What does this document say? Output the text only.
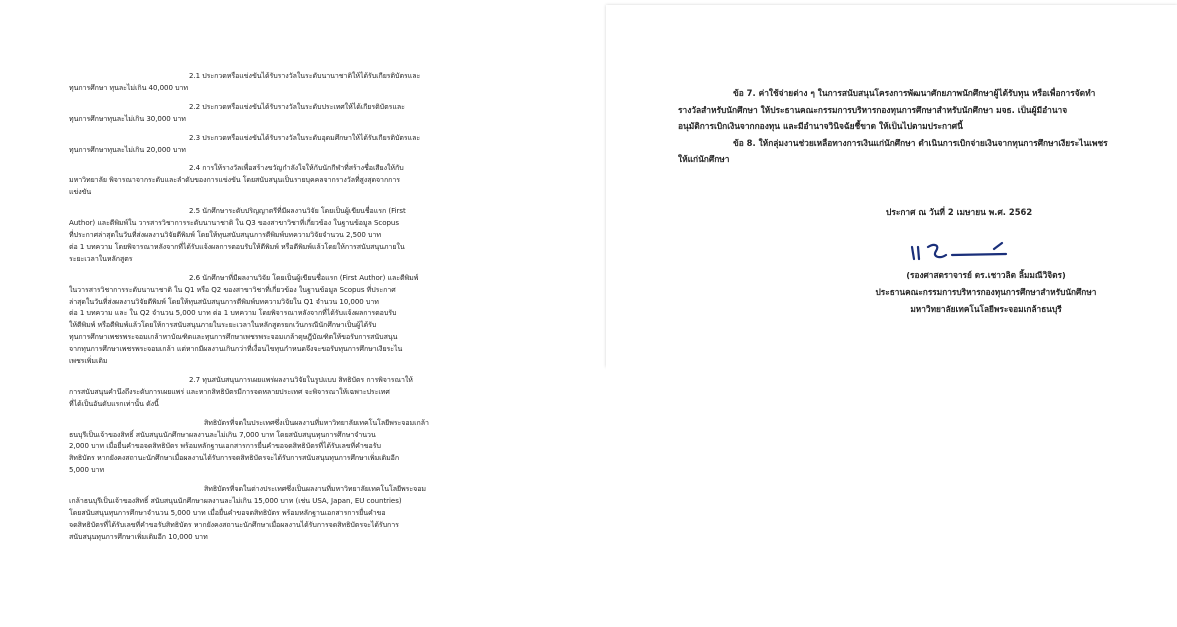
2.1 ประกวดหรือแข่งขันได้รับรางวัลในระดับนานาชาติให้ได้รับเกียรติบัตรและ

ทุนการศึกษา ทุนละไม่เกิน 40,000 บาท

2.2 ประกวดหรือแข่งขันได้รับรางวัลในระดับประเทศให้ได้เกียรติบัตรและ

ทุนการศึกษาทุนละไม่เกิน 30,000 บาท

2.3 ประกวดหรือแข่งขันได้รับรางวัลในระดับอุดมศึกษาให้ได้รับเกียรติบัตรและ

ทุนการศึกษาทุนละไม่เกิน 20,000 บาท

2.4 การให้รางวัลเพื่อสร้างขวัญกำลังใจให้กับนักกีฬาที่สร้างชื่อเสียงให้กับ

มหาวิทยาลัย พิจารณาจากระดับและลำดับของการแข่งขัน โดยสนับสนุนเป็นรายบุคคลจากรางวัลที่สูงสุดจากการ

แข่งขัน

2.5 นักศึกษาระดับปริญญาตรีที่มีผลงานวิจัย โดยเป็นผู้เขียนชื่อแรก (First

Author) และตีพิมพ์ใน วารสารวิชาการระดับนานาชาติ ใน Q3 ของสาขาวิชาที่เกี่ยวข้อง ในฐานข้อมูล Scopus

ที่ประกาศล่าสุดในวันที่ส่งผลงานวิจัยตีพิมพ์ โดยให้ทุนสนับสนุนการตีพิมพ์บทความวิจัยจำนวน 2,500 บาท

ต่อ 1 บทความ โดยพิจารณาหลังจากที่ได้รับแจ้งผลการตอบรับให้ตีพิมพ์ หรือตีพิมพ์แล้วโดยให้การสนับสนุนภายใน

ระยะเวลาในหลักสูตร

2.6 นักศึกษาที่มีผลงานวิจัย โดยเป็นผู้เขียนชื่อแรก (First Author) และตีพิมพ์

ในวารสารวิชาการระดับนานาชาติ ใน Q1 หรือ Q2 ของสาขาวิชาที่เกี่ยวข้อง ในฐานข้อมูล Scopus ที่ประกาศ

ล่าสุดในวันที่ส่งผลงานวิจัยตีพิมพ์ โดยให้ทุนสนับสนุนการตีพิมพ์บทความวิจัยใน Q1 จำนวน 10,000 บาท

ต่อ 1 บทความ และ ใน Q2 จำนวน 5,000 บาท ต่อ 1 บทความ โดยพิจารณาหลังจากที่ได้รับแจ้งผลการตอบรับ

ให้ตีพิมพ์ หรือตีพิมพ์แล้วโดยให้การสนับสนุนภายในระยะเวลาในหลักสูตรยกเว้นกรณีนักศึกษาเป็นผู้ได้รับ

ทุนการศึกษาเพชรพระจอมเกล้าหาบัณฑิตและทุนการศึกษาเพชรพระจอมเกล้าดุษฎีบัณฑิตให้ขอรับการสนับสนุน

จากทุนการศึกษาเพชรพระจอมเกล้า แต่หากมีผลงานเกินกว่าที่เงื่อนไขทุนกำหนดจึงจะขอรับทุนการศึกษาเงียระไน

เพชรเพิ่มเติม

2.7 ทุนสนับสนุนการเผยแพร่ผลงานวิจัยในรูปแบบ สิทธิบัตร การพิจารณาให้

การสนับสนุนคำนึงถึงระดับการเผยแพร่ และหากสิทธิบัตรมีการจดหลายประเทศ จะพิจารณาให้เฉพาะประเทศ

ที่ได้เป็นอันดับแรกเท่านั้น ดังนี้

สิทธิบัตรที่จดในประเทศซึ่งเป็นผลงานที่มหาวิทยาลัยเทคโนโลยีพระจอมเกล้า

ธนบุรีเป็นเจ้าของสิทธิ์ สนับสนุนนักศึกษาผลงานละไม่เกิน 7,000 บาท โดยสนับสนุนทุนการศึกษาจำนวน

2,000 บาท เมื่อยื่นคำขอจดสิทธิบัตร พร้อมหลักฐานเอกสารการยื่นคำขอจดสิทธิบัตรที่ได้รับเลขที่คำขอรับ

สิทธิบัตร หากยังคงสถานะนักศึกษาเมื่อผลงานได้รับการจดสิทธิบัตรจะได้รับการสนับสนุนทุนการศึกษาเพิ่มเติมอีก

5,000 บาท

สิทธิบัตรที่จดในต่างประเทศซึ่งเป็นผลงานที่มหาวิทยาลัยเทคโนโลยีพระจอม

เกล้าธนบุรีเป็นเจ้าของสิทธิ์ สนับสนุนนักศึกษาผลงานละไม่เกิน 15,000 บาท (เช่น USA, Japan, EU countries)

โดยสนับสนุนทุนการศึกษาจำนวน 5,000 บาท เมื่อยื่นคำขอจดสิทธิบัตร พร้อมหลักฐานเอกสารการยื่นคำขอ

จดสิทธิบัตรที่ได้รับเลขที่คำขอรับสิทธิบัตร หากยังคงสถานะนักศึกษาเมื่อผลงานได้รับการจดสิทธิบัตรจะได้รับการ

สนับสนุนทุนการศึกษาเพิ่มเติมอีก 10,000 บาท

ข้อ 7. ค่าใช้จ่ายต่าง ๆ ในการสนับสนุนโครงการพัฒนาศักยภาพนักศึกษาผู้ได้รับทุน หรือเพื่อการจัดทำ

รางวัลสำหรับนักศึกษา ให้ประธานคณะกรรมการบริหารกองทุนการศึกษาสำหรับนักศึกษา มจธ. เป็นผู้มีอำนาจ

อนุมัติการเบิกเงินจากกองทุน และมีอำนาจวินิจฉัยชี้ขาด ให้เป็นไปตามประกาศนี้

ข้อ 8. ให้กลุ่มงานช่วยเหลือทางการเงินแก่นักศึกษา ดำเนินการเบิกจ่ายเงินจากทุนการศึกษาเงียระไนเพชร

ให้แก่นักศึกษา

ประกาศ ณ วันที่ 2 เมษายน พ.ศ. 2562

(รองศาสตราจารย์ ดร.เชาวลิต ลิ้มมณีวิจิตร)

ประธานคณะกรรมการบริหารกองทุนการศึกษาสำหรับนักศึกษา

มหาวิทยาลัยเทคโนโลยีพระจอมเกล้าธนบุรี
